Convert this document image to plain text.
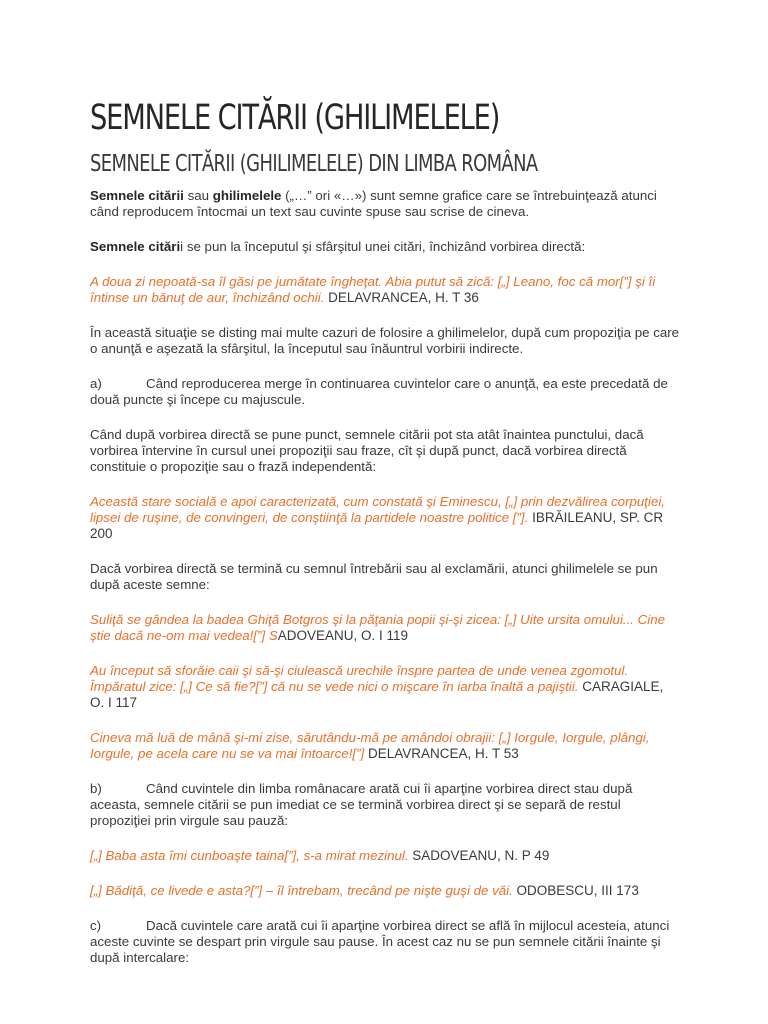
SEMNELE CITĂRII (GHILIMELELE)
SEMNELE CITĂRII (GHILIMELELE) DIN LIMBA ROMÂNA

Semnele citării sau ghilimelele („…” ori «…») sunt semne grafice care se întrebuinţează atunci când reproducem întocmai un text sau cuvinte spuse sau scrise de cineva.

Semnele citării se pun la începutul şi sfârşitul unei citări, închizând vorbirea directă:

A doua zi nepoată-sa îl găsi pe jumătate îngheţat. Abia putut să zică: [„] Leano, foc că mor[”] şi îi întinse un bănuţ de aur, închizând ochii. DELAVRANCEA, H. T 36

În această situaţie se disting mai multe cazuri de folosire a ghilimelelor, după cum propoziţia pe care o anunţă e aşezată la sfârşitul, la începutul sau înăuntrul vorbirii indirecte.

a)	Când reproducerea merge în continuarea cuvintelor care o anunţă, ea este precedată de două puncte şi începe cu majuscule.

Când după vorbirea directă se pune punct, semnele citării pot sta atât înaintea punctului, dacă vorbirea întervine în cursul unei propoziţii sau fraze, cît şi după punct, dacă vorbirea directă constituie o propoziţie sau o frază independentă:

Această stare socială e apoi caracterizată, cum constată şi Eminescu, [„] prin dezvălirea corpuţiei, lipsei de ruşine, de convingeri, de conştiinţă la partidele noastre politice [”]. IBRĂILEANU, SP. CR 200

Dacă vorbirea directă se termină cu semnul întrebării sau al exclamării, atunci ghilimelele se pun după aceste semne:

Suliţă se gândea la badea Ghiţă Botgros şi la păţania popii şi-şi zicea: [„] Uite ursita omului... Cine ştie dacă ne-om mai vedea![”] SADOVEANU, O. I 119

Au început să sforăie caii şi să-şi ciulească urechile înspre partea de unde venea zgomotul. Împăratul zice: [„] Ce să fie?[”] că nu se vede nici o mişcare în iarba înaltă a pajiştii. CARAGIALE, O. I 117

Cineva mă luă de mână şi-mi zise, sărutându-mă pe amândoi obrajii: [„] Iorgule, Iorgule, plângi, Iorgule, pe acela care nu se va mai întoarce![”] DELAVRANCEA, H. T 53

b)	Când cuvintele din limba românacare arată cui îi aparţine vorbirea direct stau după aceasta, semnele citării se pun imediat ce se termină vorbirea direct şi se separă de restul propoziţiei prin virgule sau pauză:

[„] Baba asta îmi cunboaşte taina[”], s-a mirat mezinul. SADOVEANU, N. P 49

[„] Bădiţă, ce livede e asta?[”] – îl întrebam, trecând pe nişte guşi de văi. ODOBESCU, III 173

c)	Dacă cuvintele care arată cui îi aparţine vorbirea direct se află în mijlocul acesteia, atunci aceste cuvinte se despart prin virgule sau pause. În acest caz nu se pun semnele citării înainte şi după intercalare:
